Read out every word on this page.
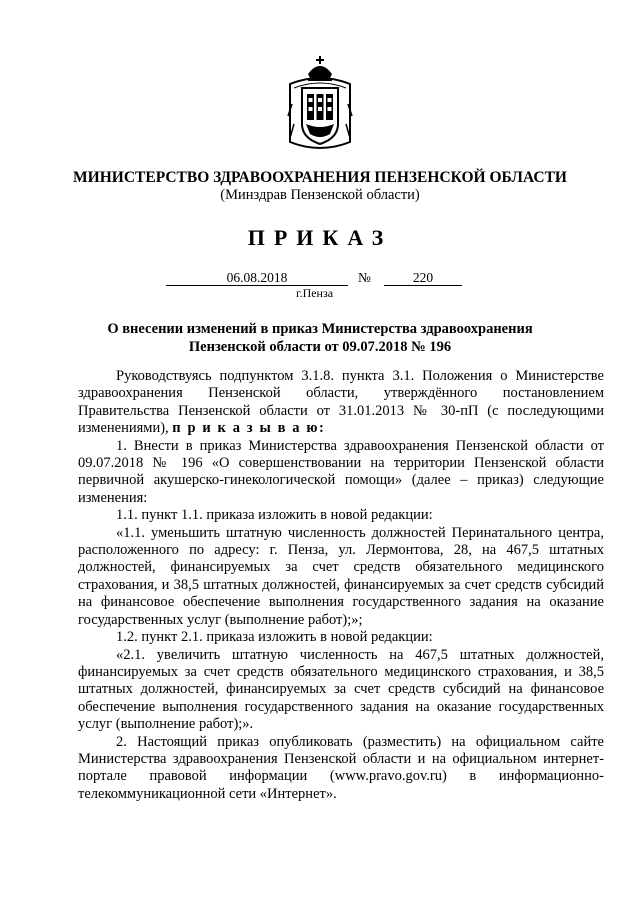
МИНИСТЕРСТВО ЗДРАВООХРАНЕНИЯ ПЕНЗЕНСКОЙ ОБЛАСТИ
(Минздрав Пензенской области)
ПРИКАЗ
06.08.2018	№	220
г.Пенза
О внесении изменений в приказ Министерства здравоохранения
Пензенской области от 09.07.2018 № 196

Руководствуясь подпунктом 3.1.8. пункта 3.1. Положения о Министерстве здравоохранения Пензенской области, утверждённого постановлением Правительства Пензенской области от 31.01.2013 № 30-пП (с последующими изменениями), п р и к а з ы в а ю:

1. Внести в приказ Министерства здравоохранения Пензенской области от 09.07.2018 № 196 «О совершенствовании на территории Пензенской области первичной акушерско-гинекологической помощи» (далее – приказ) следующие изменения:

1.1. пункт 1.1. приказа изложить в новой редакции:

«1.1. уменьшить штатную численность должностей Перинатального центра, расположенного по адресу: г. Пенза, ул. Лермонтова, 28, на 467,5 штатных должностей, финансируемых за счет средств обязательного медицинского страхования, и 38,5 штатных должностей, финансируемых за счет средств субсидий на финансовое обеспечение выполнения государственного задания на оказание государственных услуг (выполнение работ);»;

1.2. пункт 2.1. приказа изложить в новой редакции:

«2.1. увеличить штатную численность на 467,5 штатных должностей, финансируемых за счет средств обязательного медицинского страхования, и 38,5 штатных должностей, финансируемых за счет средств субсидий на финансовое обеспечение выполнения государственного задания на оказание государственных услуг (выполнение работ);».

2. Настоящий приказ опубликовать (разместить) на официальном сайте Министерства здравоохранения Пензенской области и на официальном интернет-портале правовой информации (www.pravo.gov.ru) в информационно-телекоммуникационной сети «Интернет».
